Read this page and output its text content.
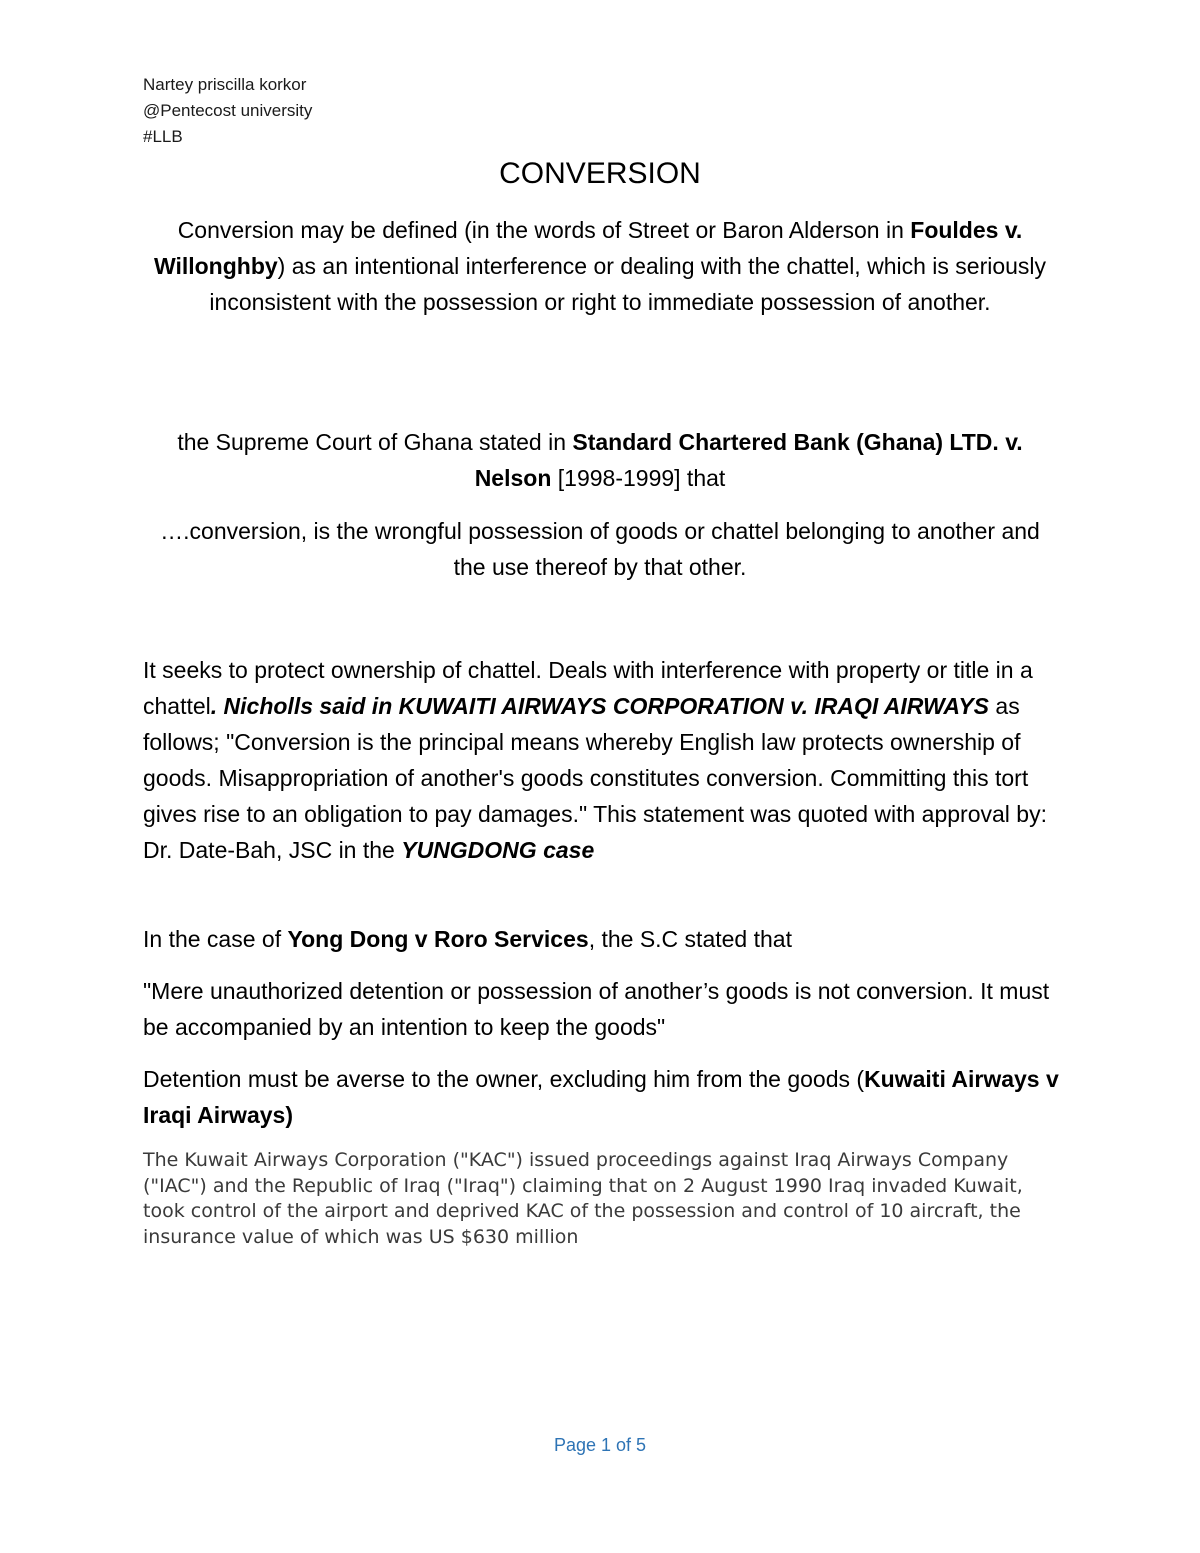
Nartey priscilla korkor
@Pentecost university
#LLB
CONVERSION
Conversion may be defined (in the words of Street or Baron Alderson in Fouldes v. Willonghby) as an intentional interference or dealing with the chattel, which is seriously inconsistent with the possession or right to immediate possession of another.
the Supreme Court of Ghana stated in Standard Chartered Bank (Ghana) LTD. v. Nelson [1998-1999] that
….conversion, is the wrongful possession of goods or chattel belonging to another and the use thereof by that other.
It seeks to protect ownership of chattel. Deals with interference with property or title in a chattel. Nicholls said in KUWAITI AIRWAYS CORPORATION v. IRAQI AIRWAYS as follows; "Conversion is the principal means whereby English law protects ownership of goods. Misappropriation of another's goods constitutes conversion. Committing this tort gives rise to an obligation to pay damages." This statement was quoted with approval by: Dr. Date-Bah, JSC in the YUNGDONG case
In the case of Yong Dong v Roro Services, the S.C stated that
"Mere unauthorized detention or possession of another’s goods is not conversion. It must be accompanied by an intention to keep the goods"
Detention must be averse to the owner, excluding him from the goods (Kuwaiti Airways v Iraqi Airways)
The Kuwait Airways Corporation ("KAC") issued proceedings against Iraq Airways Company ("IAC") and the Republic of Iraq ("Iraq") claiming that on 2 August 1990 Iraq invaded Kuwait, took control of the airport and deprived KAC of the possession and control of 10 aircraft, the insurance value of which was US $630 million
Page 1 of 5
